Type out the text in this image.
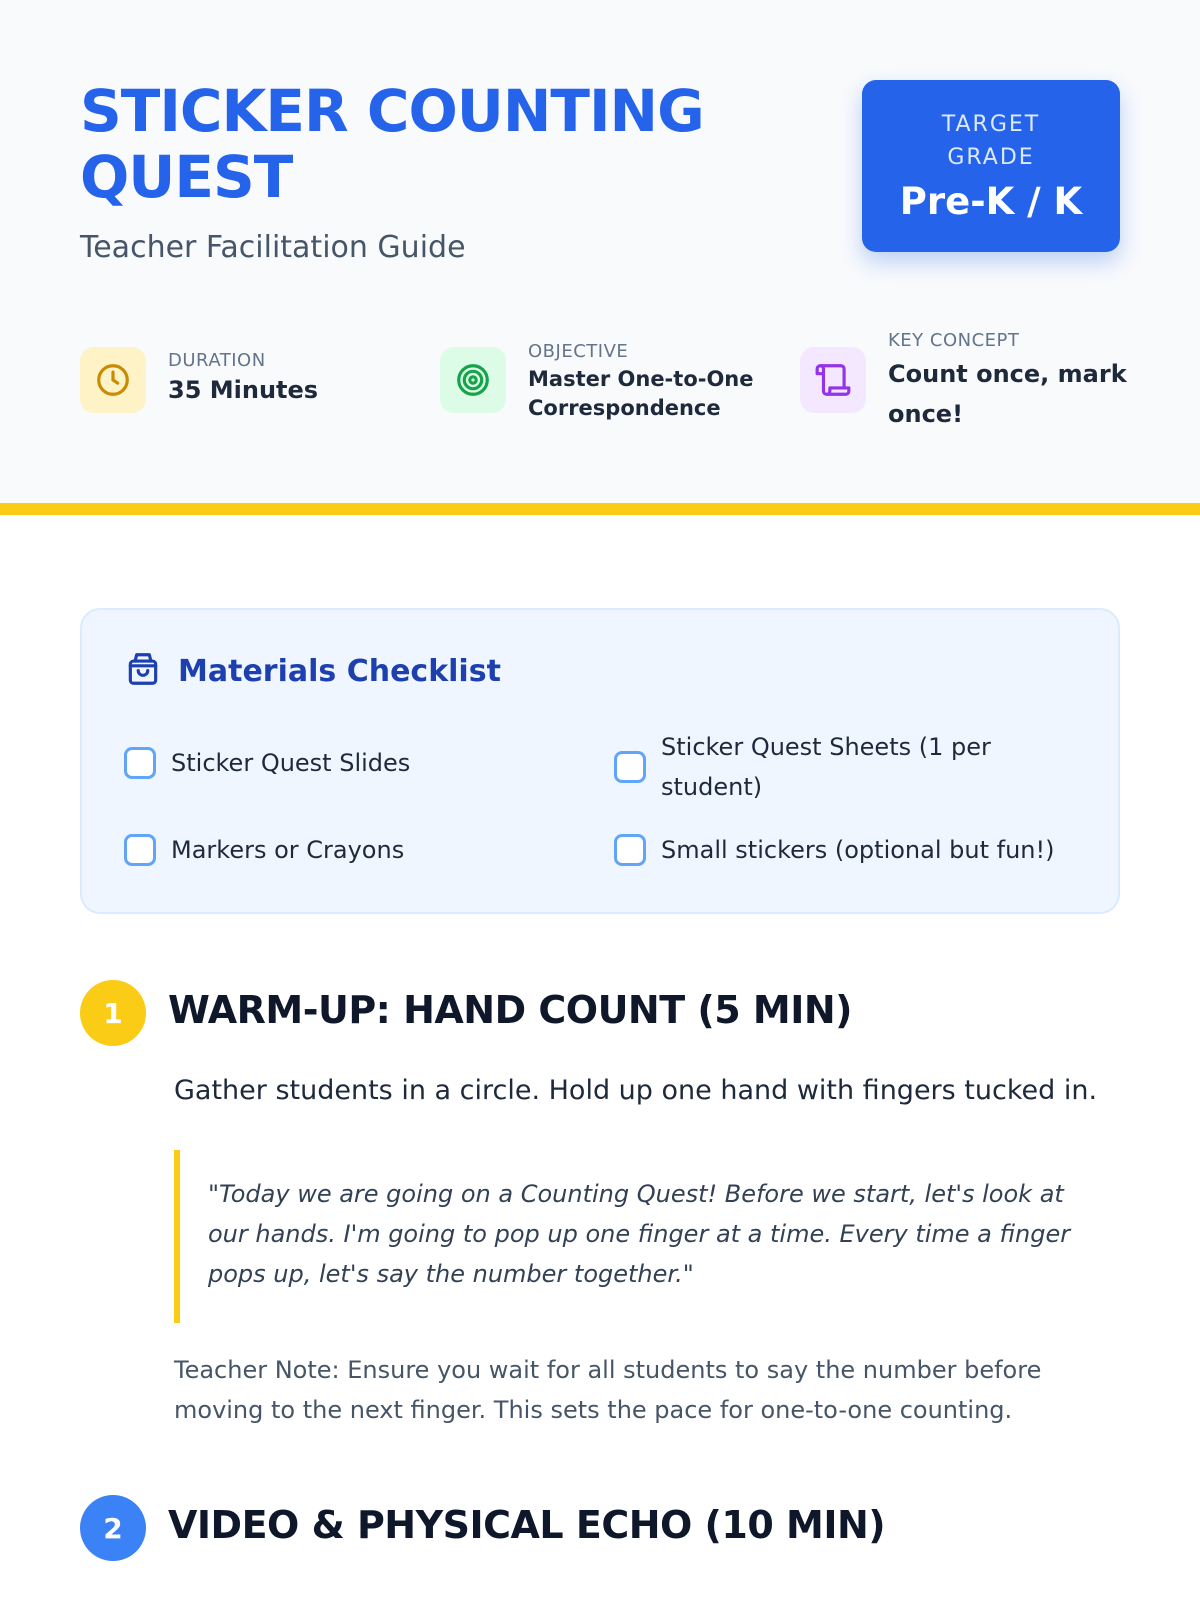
STICKER COUNTING QUEST
Teacher Facilitation Guide
TARGET GRADE
Pre-K / K
DURATION
35 Minutes
OBJECTIVE
Master One-to-One Correspondence
KEY CONCEPT
Count once, mark once!
Materials Checklist
Sticker Quest Slides
Sticker Quest Sheets (1 per student)
Markers or Crayons	Small stickers (optional but fun!)
1	WARM-UP: HAND COUNT (5 MIN)

Gather students in a circle. Hold up one hand with fingers tucked in.

"Today we are going on a Counting Quest! Before we start, let's look at our hands. I'm going to pop up one finger at a time. Every time a finger pops up, let's say the number together."

Teacher Note: Ensure you wait for all students to say the number before moving to the next finger. This sets the pace for one-to-one counting.

2	VIDEO & PHYSICAL ECHO (10 MIN)
